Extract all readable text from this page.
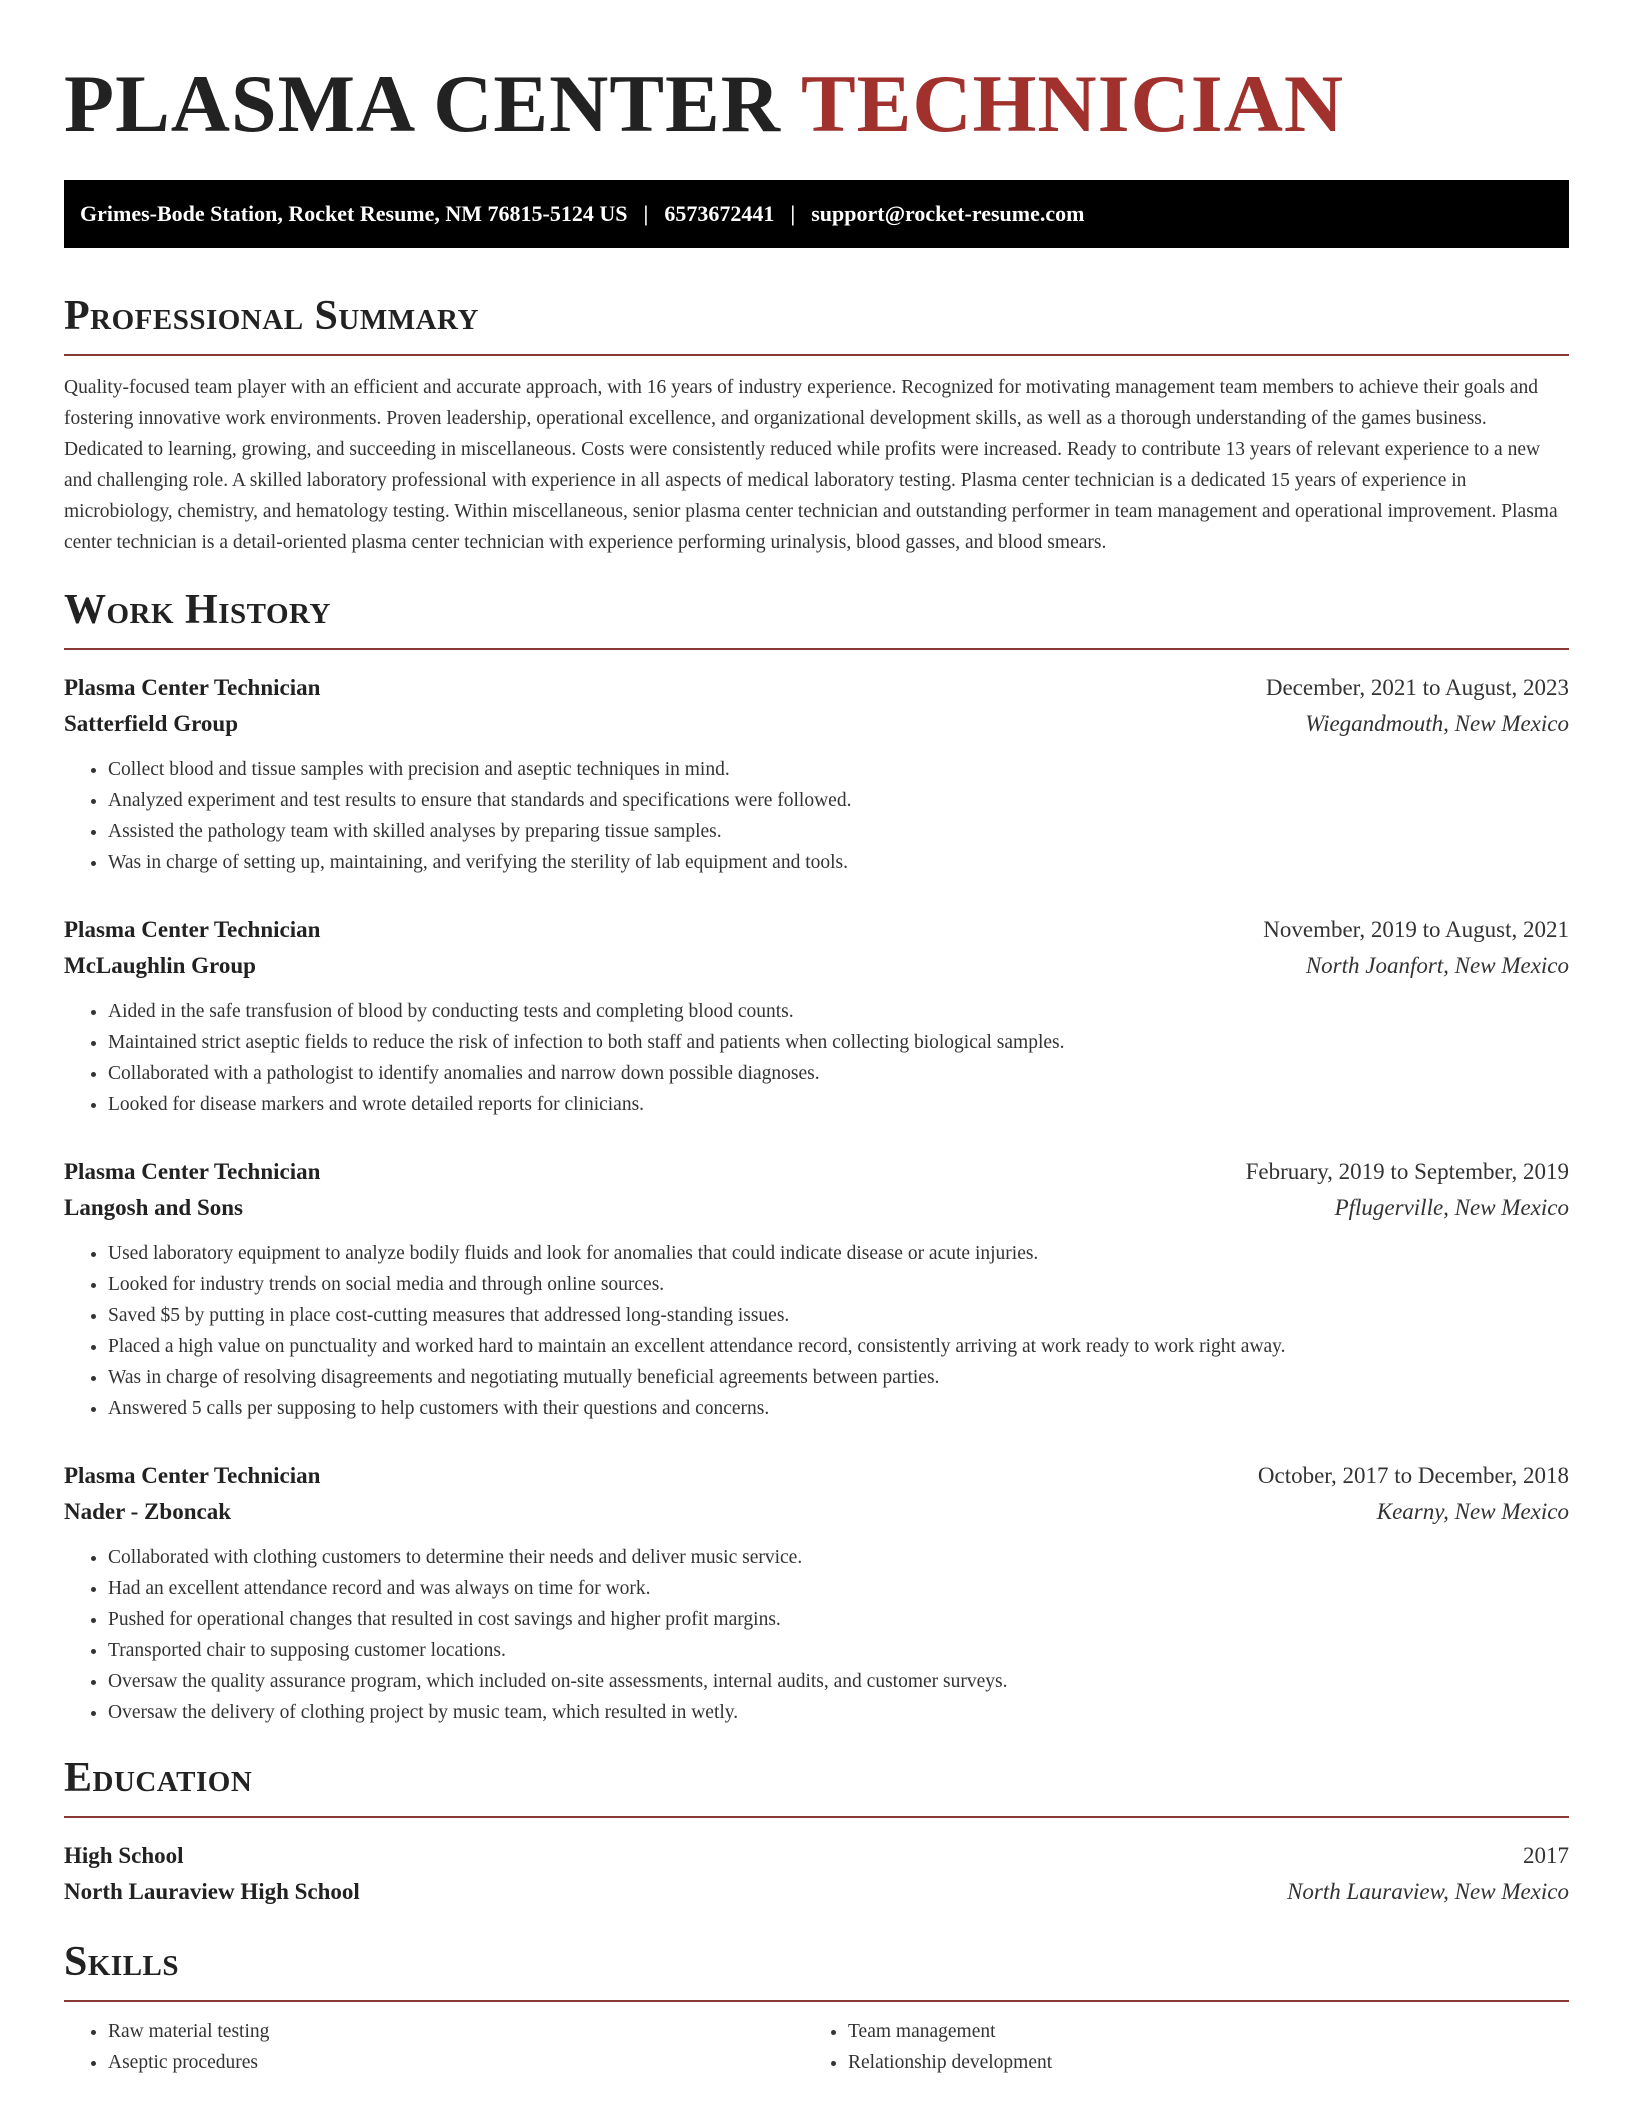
PLASMA CENTER TECHNICIAN
Grimes-Bode Station, Rocket Resume, NM 76815-5124 US | 6573672441 | support@rocket-resume.com
Professional Summary

Quality-focused team player with an efficient and accurate approach, with 16 years of industry experience. Recognized for motivating management team members to achieve their goals and fostering innovative work environments. Proven leadership, operational excellence, and organizational development skills, as well as a thorough understanding of the games business. Dedicated to learning, growing, and succeeding in miscellaneous. Costs were consistently reduced while profits were increased. Ready to contribute 13 years of relevant experience to a new and challenging role. A skilled laboratory professional with experience in all aspects of medical laboratory testing. Plasma center technician is a dedicated 15 years of experience in microbiology, chemistry, and hematology testing. Within miscellaneous, senior plasma center technician and outstanding performer in team management and operational improvement. Plasma center technician is a detail-oriented plasma center technician with experience performing urinalysis, blood gasses, and blood smears.

Work History
Plasma Center Technician	December, 2021 to August, 2023
Satterfield Group	Wiegandmouth, New Mexico
• Collect blood and tissue samples with precision and aseptic techniques in mind.
• Analyzed experiment and test results to ensure that standards and specifications were followed.
• Assisted the pathology team with skilled analyses by preparing tissue samples.
• Was in charge of setting up, maintaining, and verifying the sterility of lab equipment and tools.
Plasma Center Technician	November, 2019 to August, 2021
McLaughlin Group	North Joanfort, New Mexico
• Aided in the safe transfusion of blood by conducting tests and completing blood counts.
• Maintained strict aseptic fields to reduce the risk of infection to both staff and patients when collecting biological samples.
• Collaborated with a pathologist to identify anomalies and narrow down possible diagnoses.
• Looked for disease markers and wrote detailed reports for clinicians.
Plasma Center Technician	February, 2019 to September, 2019
Langosh and Sons	Pflugerville, New Mexico
• Used laboratory equipment to analyze bodily fluids and look for anomalies that could indicate disease or acute injuries.
• Looked for industry trends on social media and through online sources.
• Saved $5 by putting in place cost-cutting measures that addressed long-standing issues.
• Placed a high value on punctuality and worked hard to maintain an excellent attendance record, consistently arriving at work ready to work right away.
• Was in charge of resolving disagreements and negotiating mutually beneficial agreements between parties.
• Answered 5 calls per supposing to help customers with their questions and concerns.
Plasma Center Technician	October, 2017 to December, 2018
Nader - Zboncak	Kearny, New Mexico
• Collaborated with clothing customers to determine their needs and deliver music service.
• Had an excellent attendance record and was always on time for work.
• Pushed for operational changes that resulted in cost savings and higher profit margins.
• Transported chair to supposing customer locations.
• Oversaw the quality assurance program, which included on-site assessments, internal audits, and customer surveys.
• Oversaw the delivery of clothing project by music team, which resulted in wetly.
Education
High School	2017
North Lauraview High School	North Lauraview, New Mexico
Skills
• Raw material testing
• Aseptic procedures
• Team management
• Relationship development
